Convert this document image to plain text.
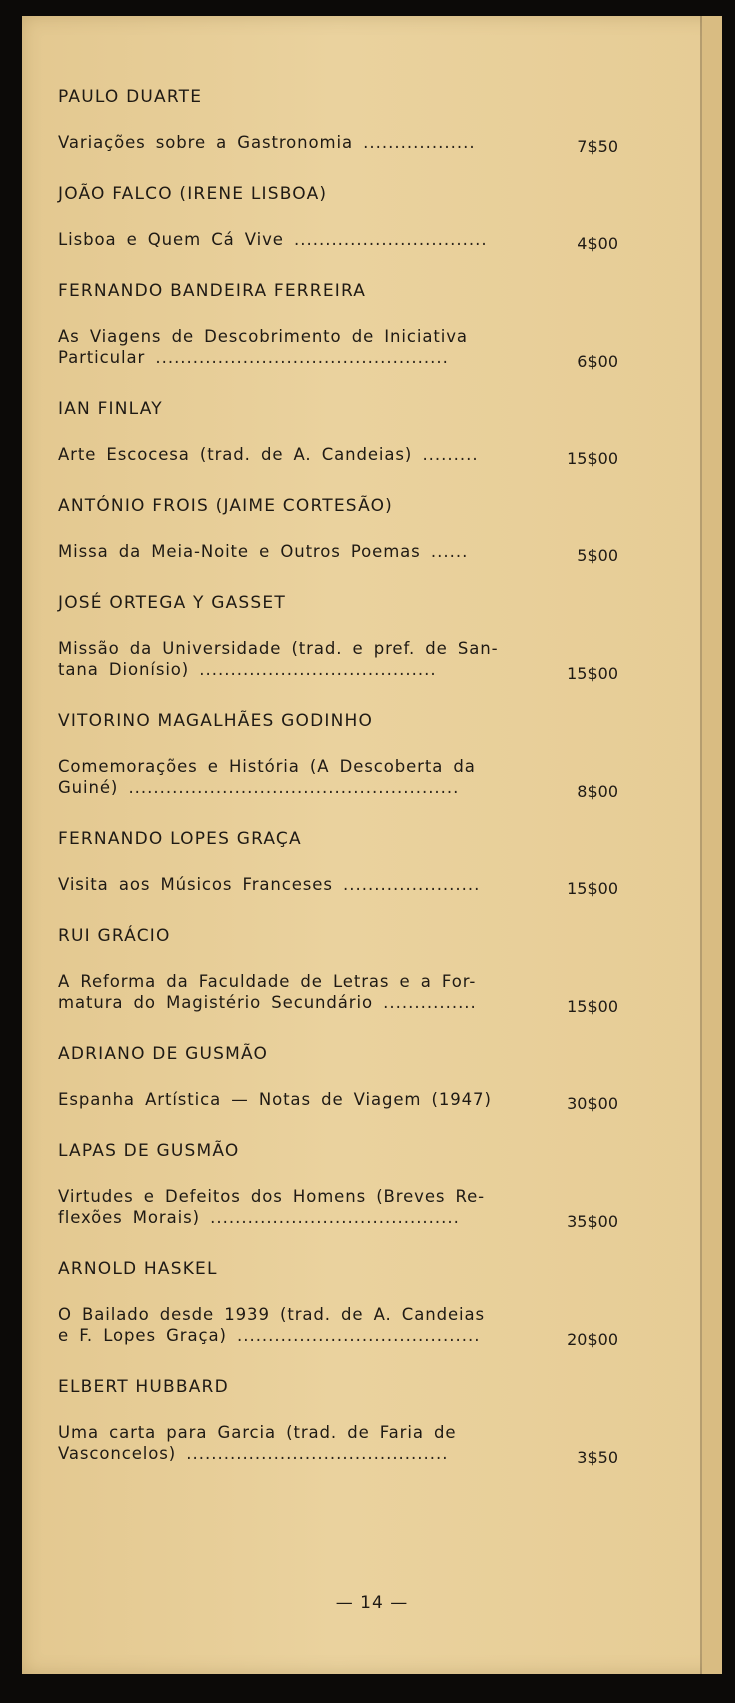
PAULO DUARTE
Variações sobre a Gastronomia ..................	7$50
JOÃO FALCO (IRENE LISBOA)
Lisboa e Quem Cá Vive ...............................	4$00
FERNANDO BANDEIRA FERREIRA
As Viagens de Descobrimento de Iniciativa
Particular ...............................................	6$00
IAN FINLAY
Arte Escocesa (trad. de A. Candeias) .........	15$00
ANTÓNIO FROIS (JAIME CORTESÃO)
Missa da Meia-Noite e Outros Poemas ......	5$00
JOSÉ ORTEGA Y GASSET
Missão da Universidade (trad. e pref. de San-
tana Dionísio) ......................................	15$00
VITORINO MAGALHÃES GODINHO
Comemorações e História (A Descoberta da
Guiné) .....................................................	8$00
FERNANDO LOPES GRAÇA
Visita aos Músicos Franceses ......................	15$00
RUI GRÁCIO
A Reforma da Faculdade de Letras e a For-
matura do Magistério Secundário ...............	15$00
ADRIANO DE GUSMÃO
Espanha Artística — Notas de Viagem (1947)	30$00
LAPAS DE GUSMÃO
Virtudes e Defeitos dos Homens (Breves Re-
flexões Morais) ........................................	35$00
ARNOLD HASKEL
O Bailado desde 1939 (trad. de A. Candeias
e F. Lopes Graça) .......................................	20$00
ELBERT HUBBARD
Uma carta para Garcia (trad. de Faria de
Vasconcelos) ..........................................	3$50
— 14 —
